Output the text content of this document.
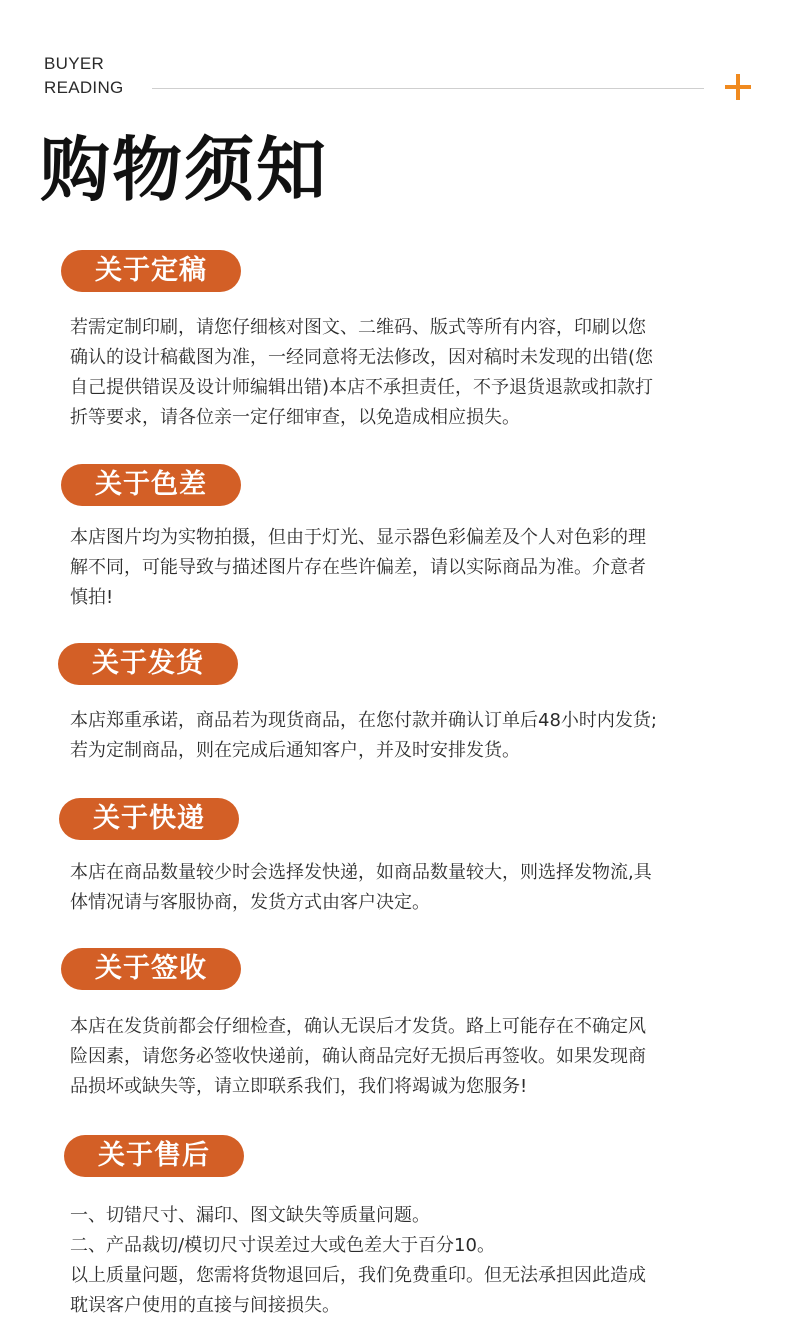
BUYER
READING
购物须知
关于定稿
若需定制印刷，请您仔细核对图文、二维码、版式等所有内容，印刷以您
确认的设计稿截图为准，一经同意将无法修改，因对稿时未发现的出错(您
自己提供错误及设计师编辑出错)本店不承担责任，不予退货退款或扣款打
折等要求，请各位亲一定仔细审查，以免造成相应损失。
关于色差
本店图片均为实物拍摄，但由于灯光、显示器色彩偏差及个人对色彩的理
解不同，可能导致与描述图片存在些许偏差，请以实际商品为准。介意者
慎拍!
关于发货
本店郑重承诺，商品若为现货商品，在您付款并确认订单后48小时内发货;
若为定制商品，则在完成后通知客户，并及时安排发货。
关于快递
本店在商品数量较少时会选择发快递，如商品数量较大，则选择发物流,具
体情况请与客服协商，发货方式由客户决定。
关于签收
本店在发货前都会仔细检查，确认无误后才发货。路上可能存在不确定风
险因素，请您务必签收快递前，确认商品完好无损后再签收。如果发现商
品损坏或缺失等，请立即联系我们，我们将竭诚为您服务!
关于售后
一、切错尺寸、漏印、图文缺失等质量问题。
二、产品裁切/模切尺寸误差过大或色差大于百分10。
以上质量问题，您需将货物退回后，我们免费重印。但无法承担因此造成
耽误客户使用的直接与间接损失。
